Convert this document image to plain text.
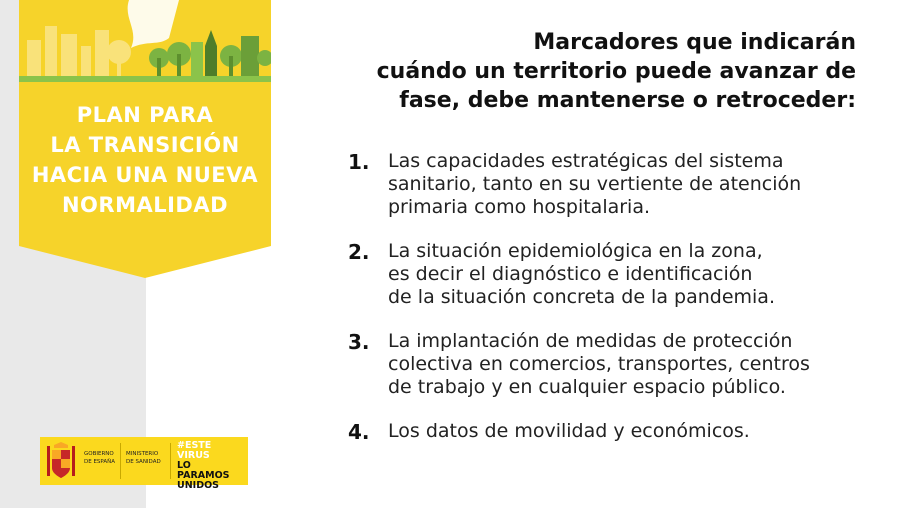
PLAN PARA
LA TRANSICIÓN
HACIA UNA NUEVA
NORMALIDAD
Marcadores que indicarán
cuándo un territorio puede avanzar de
fase, debe mantenerse o retroceder:
1. Las capacidades estratégicas del sistema
sanitario, tanto en su vertiente de atención
primaria como hospitalaria.
2. La situación epidemiológica en la zona,
es decir el diagnóstico e identificación
de la situación concreta de la pandemia.
3. La implantación de medidas de protección
colectiva en comercios, transportes, centros
de trabajo y en cualquier espacio público.
4. Los datos de movilidad y económicos.
GOBIERNO DE ESPAÑA
MINISTERIO DE SANIDAD
#ESTE
VIRUS
LO
PARAMOS
UNIDOS
